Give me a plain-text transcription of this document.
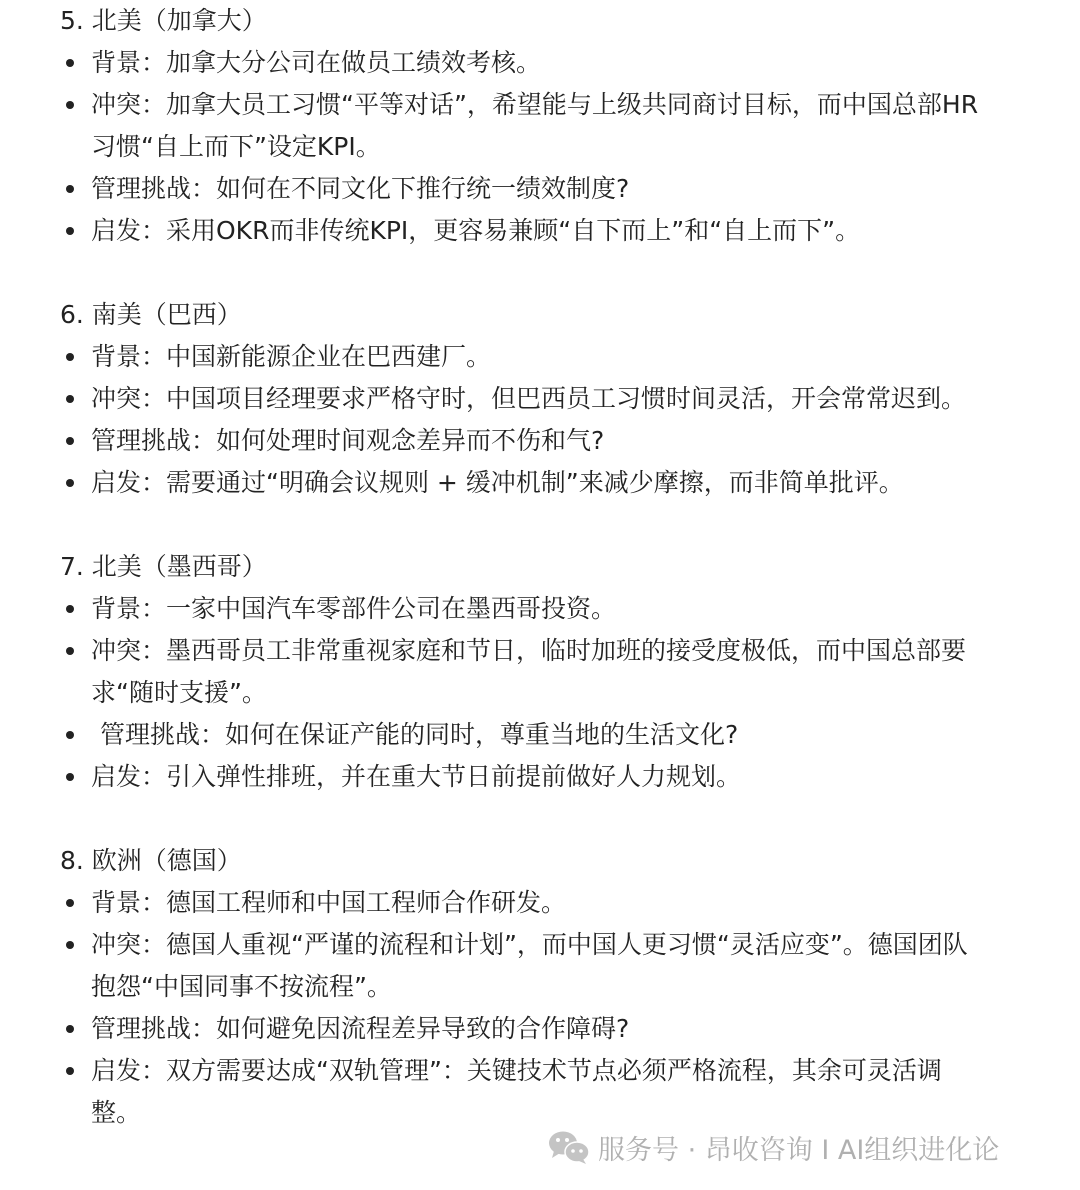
5. 北美（加拿大）
背景：加拿大分公司在做员工绩效考核。
冲突：加拿大员工习惯“平等对话”，希望能与上级共同商讨目标，而中国总部HR习惯“自上而下”设定KPI。
管理挑战：如何在不同文化下推行统一绩效制度?
启发：采用OKR而非传统KPI，更容易兼顾“自下而上”和“自上而下”。
6. 南美（巴西）
背景：中国新能源企业在巴西建厂。
冲突：中国项目经理要求严格守时，但巴西员工习惯时间灵活，开会常常迟到。
管理挑战：如何处理时间观念差异而不伤和气?
启发：需要通过“明确会议规则 + 缓冲机制”来减少摩擦，而非简单批评。
7. 北美（墨西哥）
背景：一家中国汽车零部件公司在墨西哥投资。
冲突：墨西哥员工非常重视家庭和节日，临时加班的接受度极低，而中国总部要求“随时支援”。
管理挑战：如何在保证产能的同时，尊重当地的生活文化?
启发：引入弹性排班，并在重大节日前提前做好人力规划。
8. 欧洲（德国）
背景：德国工程师和中国工程师合作研发。
冲突：德国人重视“严谨的流程和计划”，而中国人更习惯“灵活应变”。德国团队抱怨“中国同事不按流程”。
管理挑战：如何避免因流程差异导致的合作障碍?
启发：双方需要达成“双轨管理”：关键技术节点必须严格流程，其余可灵活调整。
服务号 · 昂收咨询 I AI组织进化论
